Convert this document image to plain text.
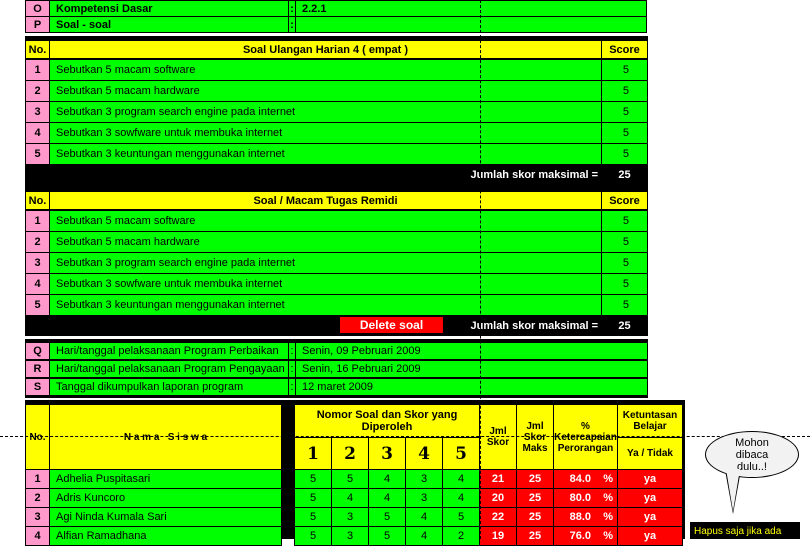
O	Kompetensi Dasar	: 2.2.1
P	Soal - soal	:
No.	Soal Ulangan Harian 4 ( empat )	Score
1	Sebutkan 5 macam software	5
2	Sebutkan 5 macam hardware	5
3	Sebutkan 3 program search engine pada internet	5
4	Sebutkan 3 sowfware untuk membuka internet	5
5	Sebutkan 3 keuntungan menggunakan internet	5
Jumlah skor maksimal =	25
No.	Soal / Macam Tugas Remidi	Score
1	Sebutkan 5 macam software	5
2	Sebutkan 5 macam hardware	5
3	Sebutkan 3 program search engine pada internet	5
4	Sebutkan 3 sowfware untuk membuka internet	5
5	Sebutkan 3 keuntungan menggunakan internet	5
Delete soal	Jumlah skor maksimal =	25
Q	Hari/tanggal pelaksanaan Program Perbaikan	: Senin, 09 Pebruari 2009
R	Hari/tanggal pelaksanaan Program Pengayaan : Senin, 16 Pebruari 2009
S	Tanggal dikumpulkan laporan program	: 12 maret 2009
No.	N a m a   S i s w a
Nomor Soal dan Skor yang Diperoleh
1	2	3	4	5
Jml Skor
Jml Skor Maks
% Ketercapaian Perorangan
Ketuntasan Belajar
Ya / Tidak
1	Adhelia Puspitasari	5	5	4	3	4	21	25	84.0 %	ya
2	Adris Kuncoro	5	4	4	3	4	20	25	80.0 %	ya
3	Agi Ninda Kumala Sari	5	3	5	4	5	22	25	88.0 %	ya
4	Alfian Ramadhana	5	3	5	4	2	19	25	76.0 %	ya
Mohon dibaca dulu..!
Hapus saja jika ada
